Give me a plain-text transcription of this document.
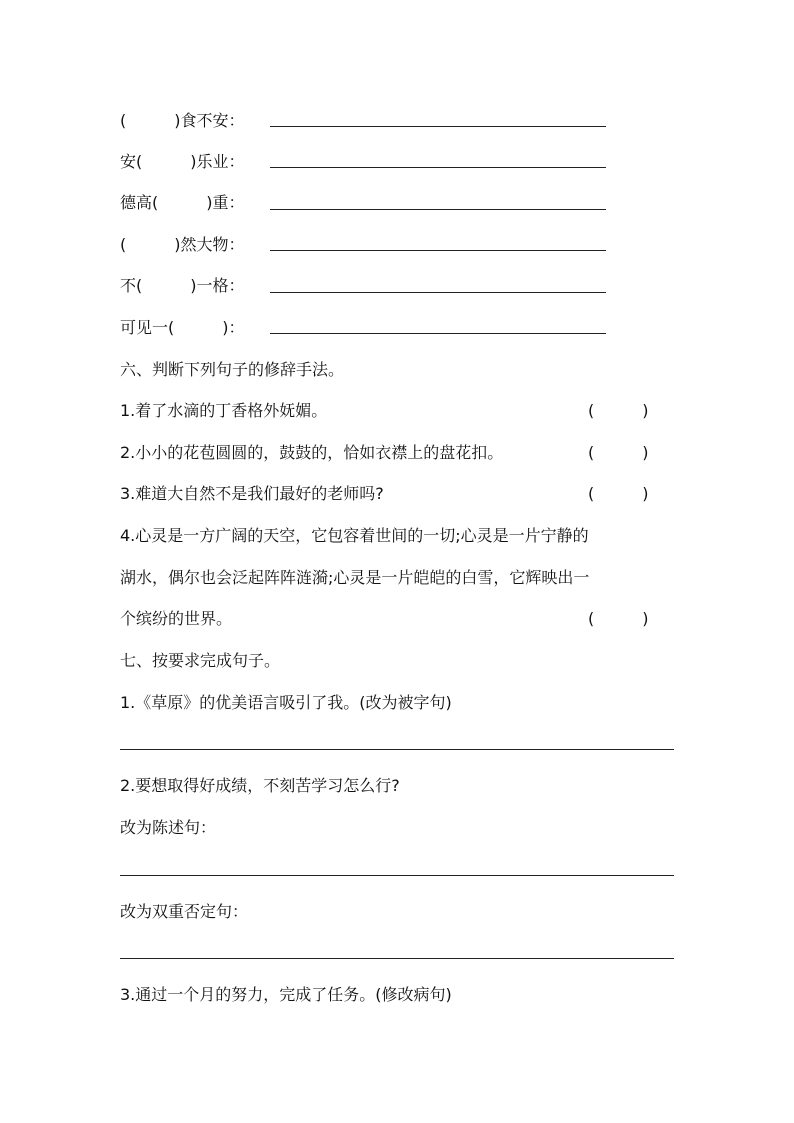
(　　　)食不安：
安(　　　)乐业：
德高(　　　)重：
(　　　)然大物：
不(　　　)一格：
可见一(　　　)：
六、判断下列句子的修辞手法。
1.着了水滴的丁香格外妩媚。	(　　　)
2.小小的花苞圆圆的，鼓鼓的，恰如衣襟上的盘花扣。	(　　　)
3.难道大自然不是我们最好的老师吗?	(　　　)
4.心灵是一方广阔的天空，它包容着世间的一切;心灵是一片宁静的
湖水，偶尔也会泛起阵阵涟漪;心灵是一片皑皑的白雪，它辉映出一
个缤纷的世界。	(　　　)
七、按要求完成句子。
1.《草原》的优美语言吸引了我。(改为被字句)
2.要想取得好成绩，不刻苦学习怎么行?
改为陈述句：
改为双重否定句：
3.通过一个月的努力，完成了任务。(修改病句)
